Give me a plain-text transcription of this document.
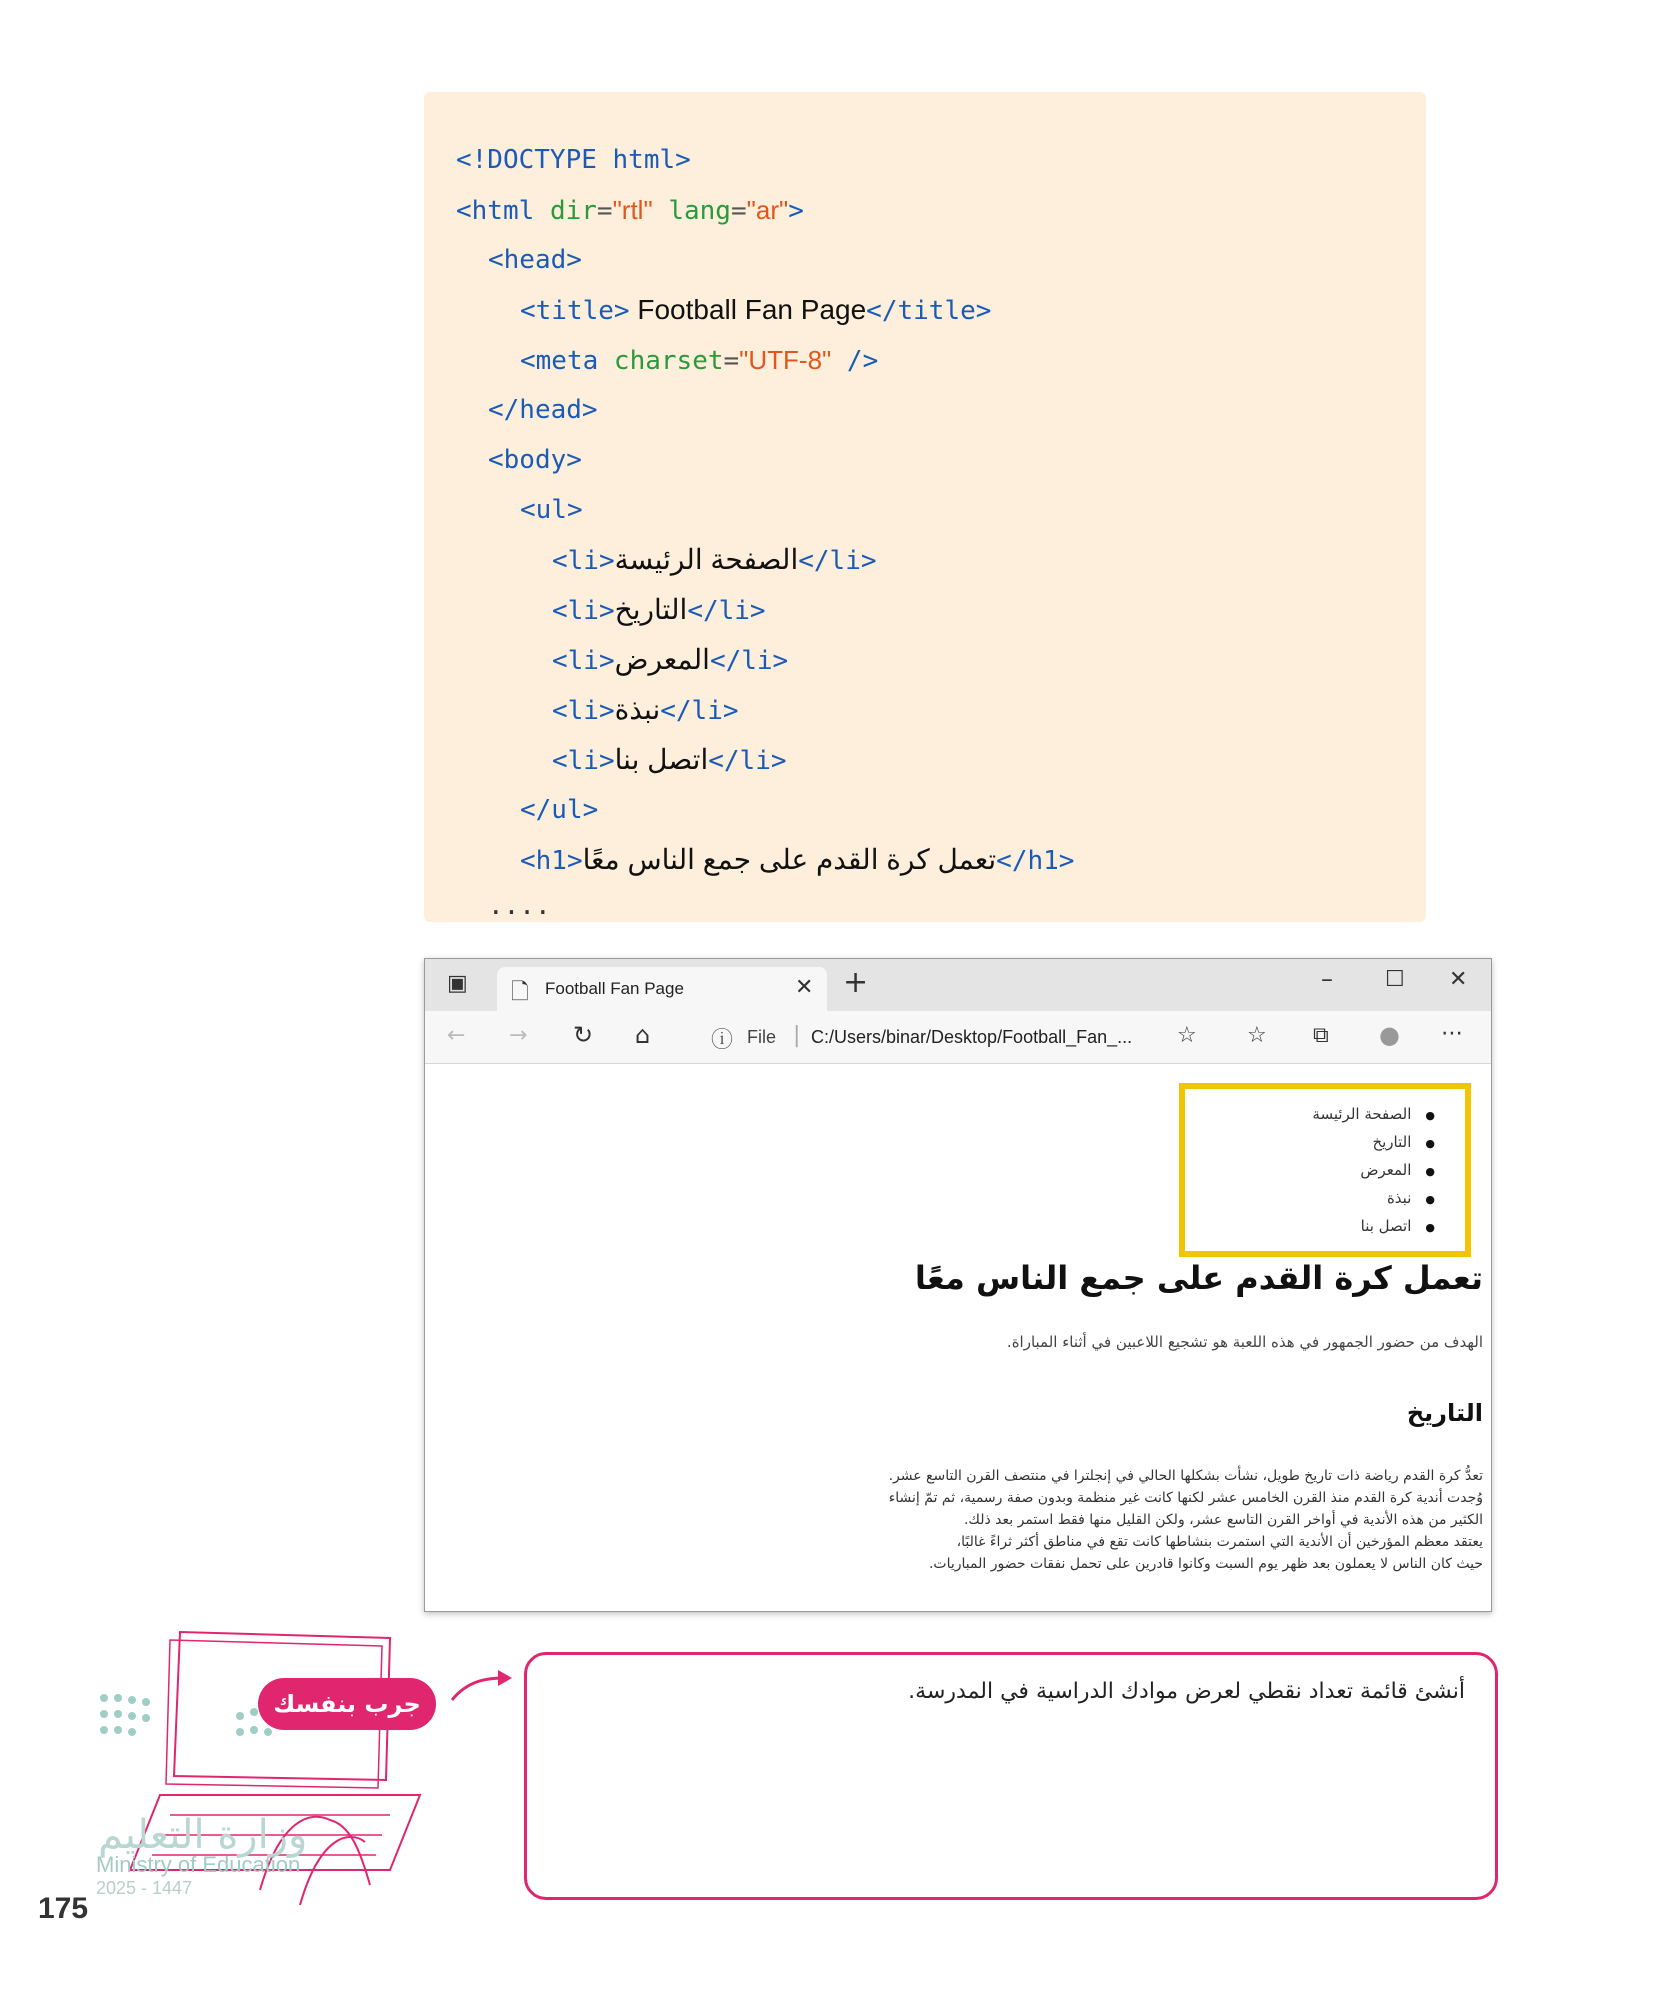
<!DOCTYPE html>
<html dir="rtl" lang="ar">
<head>
<title> Football Fan Page</title>
<meta charset="UTF-8" />
</head>
<body>
<ul>
<li>الصفحة الرئيسة</li>
<li>التاريخ</li>
<li>المعرض</li>
<li>نبذة</li>
<li>اتصل بنا</li>
</ul>
<h1>تعمل كرة القدم على جمع الناس معًا</h1>
....
▣ 🗋 Football Fan Page	✕ +	– ☐ ✕
← → ↻ ⌂	ⓘ File | C:/Users/binar/Desktop/Football_Fan_... ☆ ☆ ⧉ ● ⋯
● الصفحة الرئيسة
● التاريخ
● المعرض
● نبذة
● اتصل بنا
تعمل كرة القدم على جمع الناس معًا
الهدف من حضور الجمهور في هذه اللعبة هو تشجيع اللاعبين في أثناء المباراة.
التاريخ
تعدُّ كرة القدم رياضة ذات تاريخ طويل، نشأت بشكلها الحالي في إنجلترا في منتصف القرن التاسع عشر.
وُجدت أندية كرة القدم منذ القرن الخامس عشر لكنها كانت غير منظمة وبدون صفة رسمية، ثم تمّ إنشاء
الكثير من هذه الأندية في أواخر القرن التاسع عشر، ولكن القليل منها فقط استمر بعد ذلك.
يعتقد معظم المؤرخين أن الأندية التي استمرت بنشاطها كانت تقع في مناطق أكثر ثراءً غالبًا،
حيث كان الناس لا يعملون بعد ظهر يوم السبت وكانوا قادرين على تحمل نفقات حضور المباريات.
جرب بنفسك	أنشئ قائمة تعداد نقطي لعرض موادك الدراسية في المدرسة.
وزارة التعليم
Ministry of Education
2025 - 1447
175
